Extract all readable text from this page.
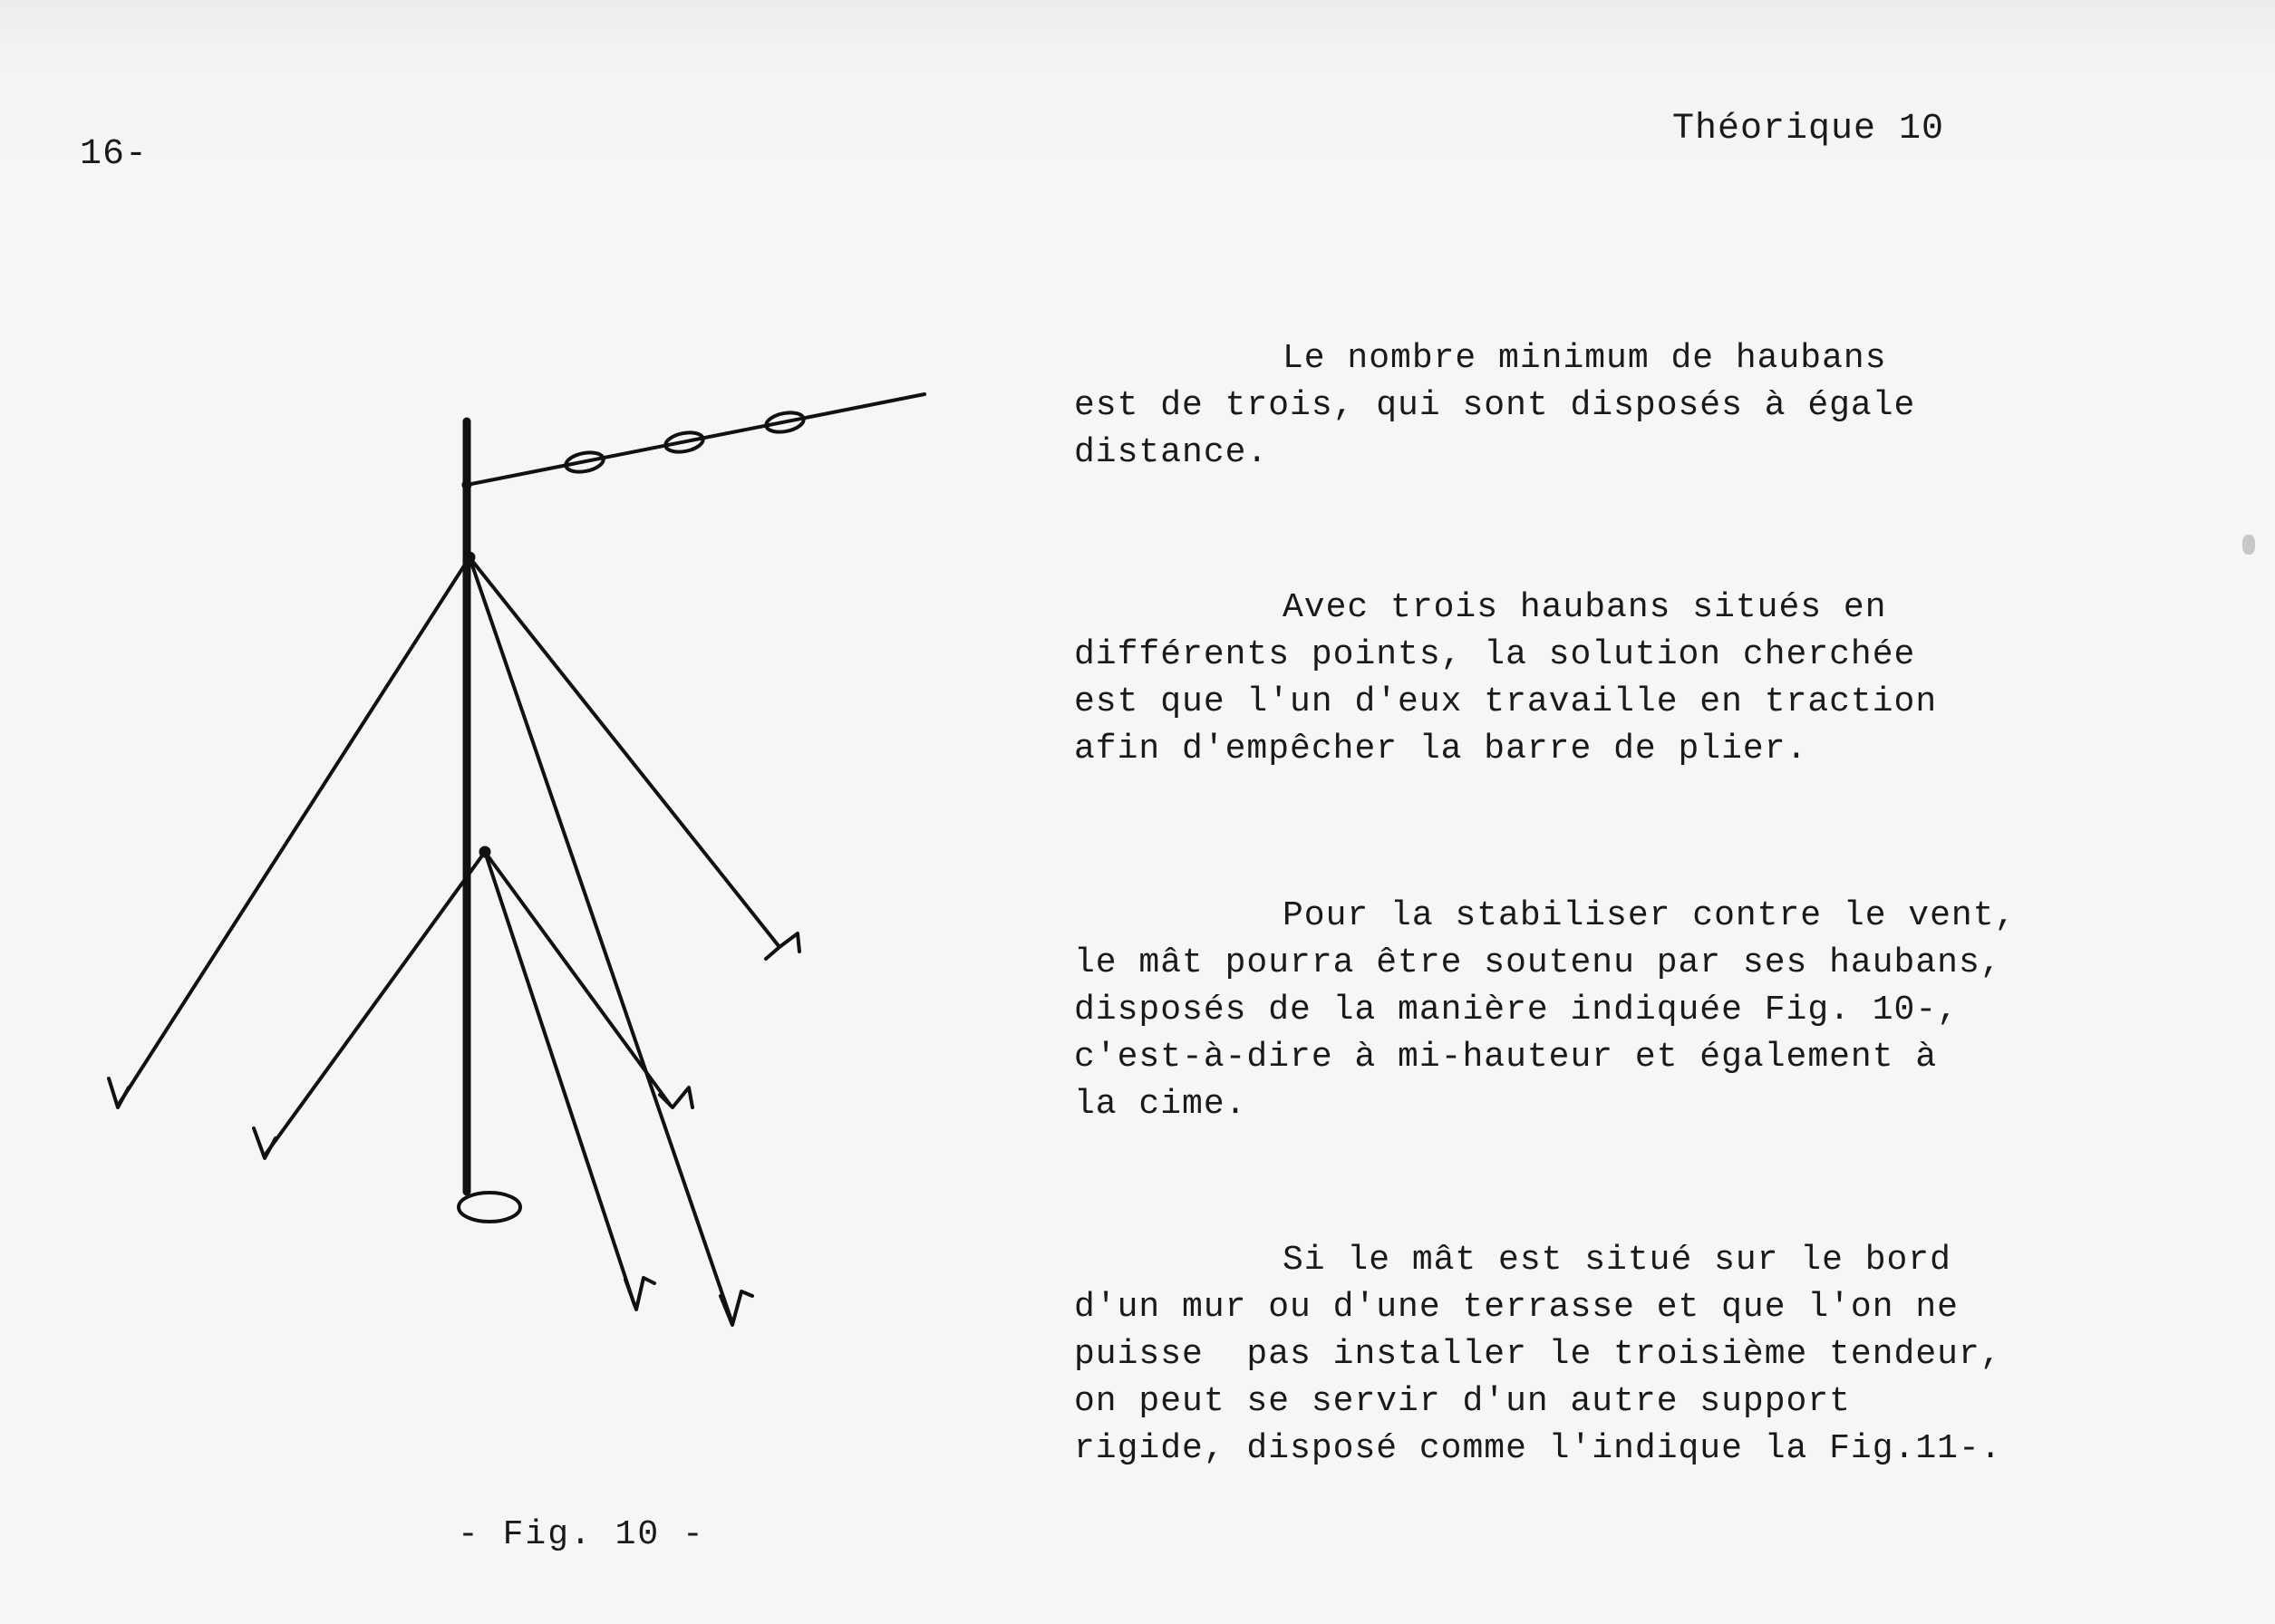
16-
Théorique 10
- Fig. 10 -

Le nombre minimum de haubans

est de trois, qui sont disposés à égale

distance.

Avec trois haubans situés en

différents points, la solution cherchée

est que l'un d'eux travaille en traction

afin d'empêcher la barre de plier.

Pour la stabiliser contre le vent,

le mât pourra être soutenu par ses haubans,

disposés de la manière indiquée Fig. 10-,

c'est-à-dire à mi-hauteur et également à

la cime.

Si le mât est situé sur le bord

d'un mur ou d'une terrasse et que l'on ne

puisse  pas installer le troisième tendeur,

on peut se servir d'un autre support

rigide, disposé comme l'indique la Fig.11-.
